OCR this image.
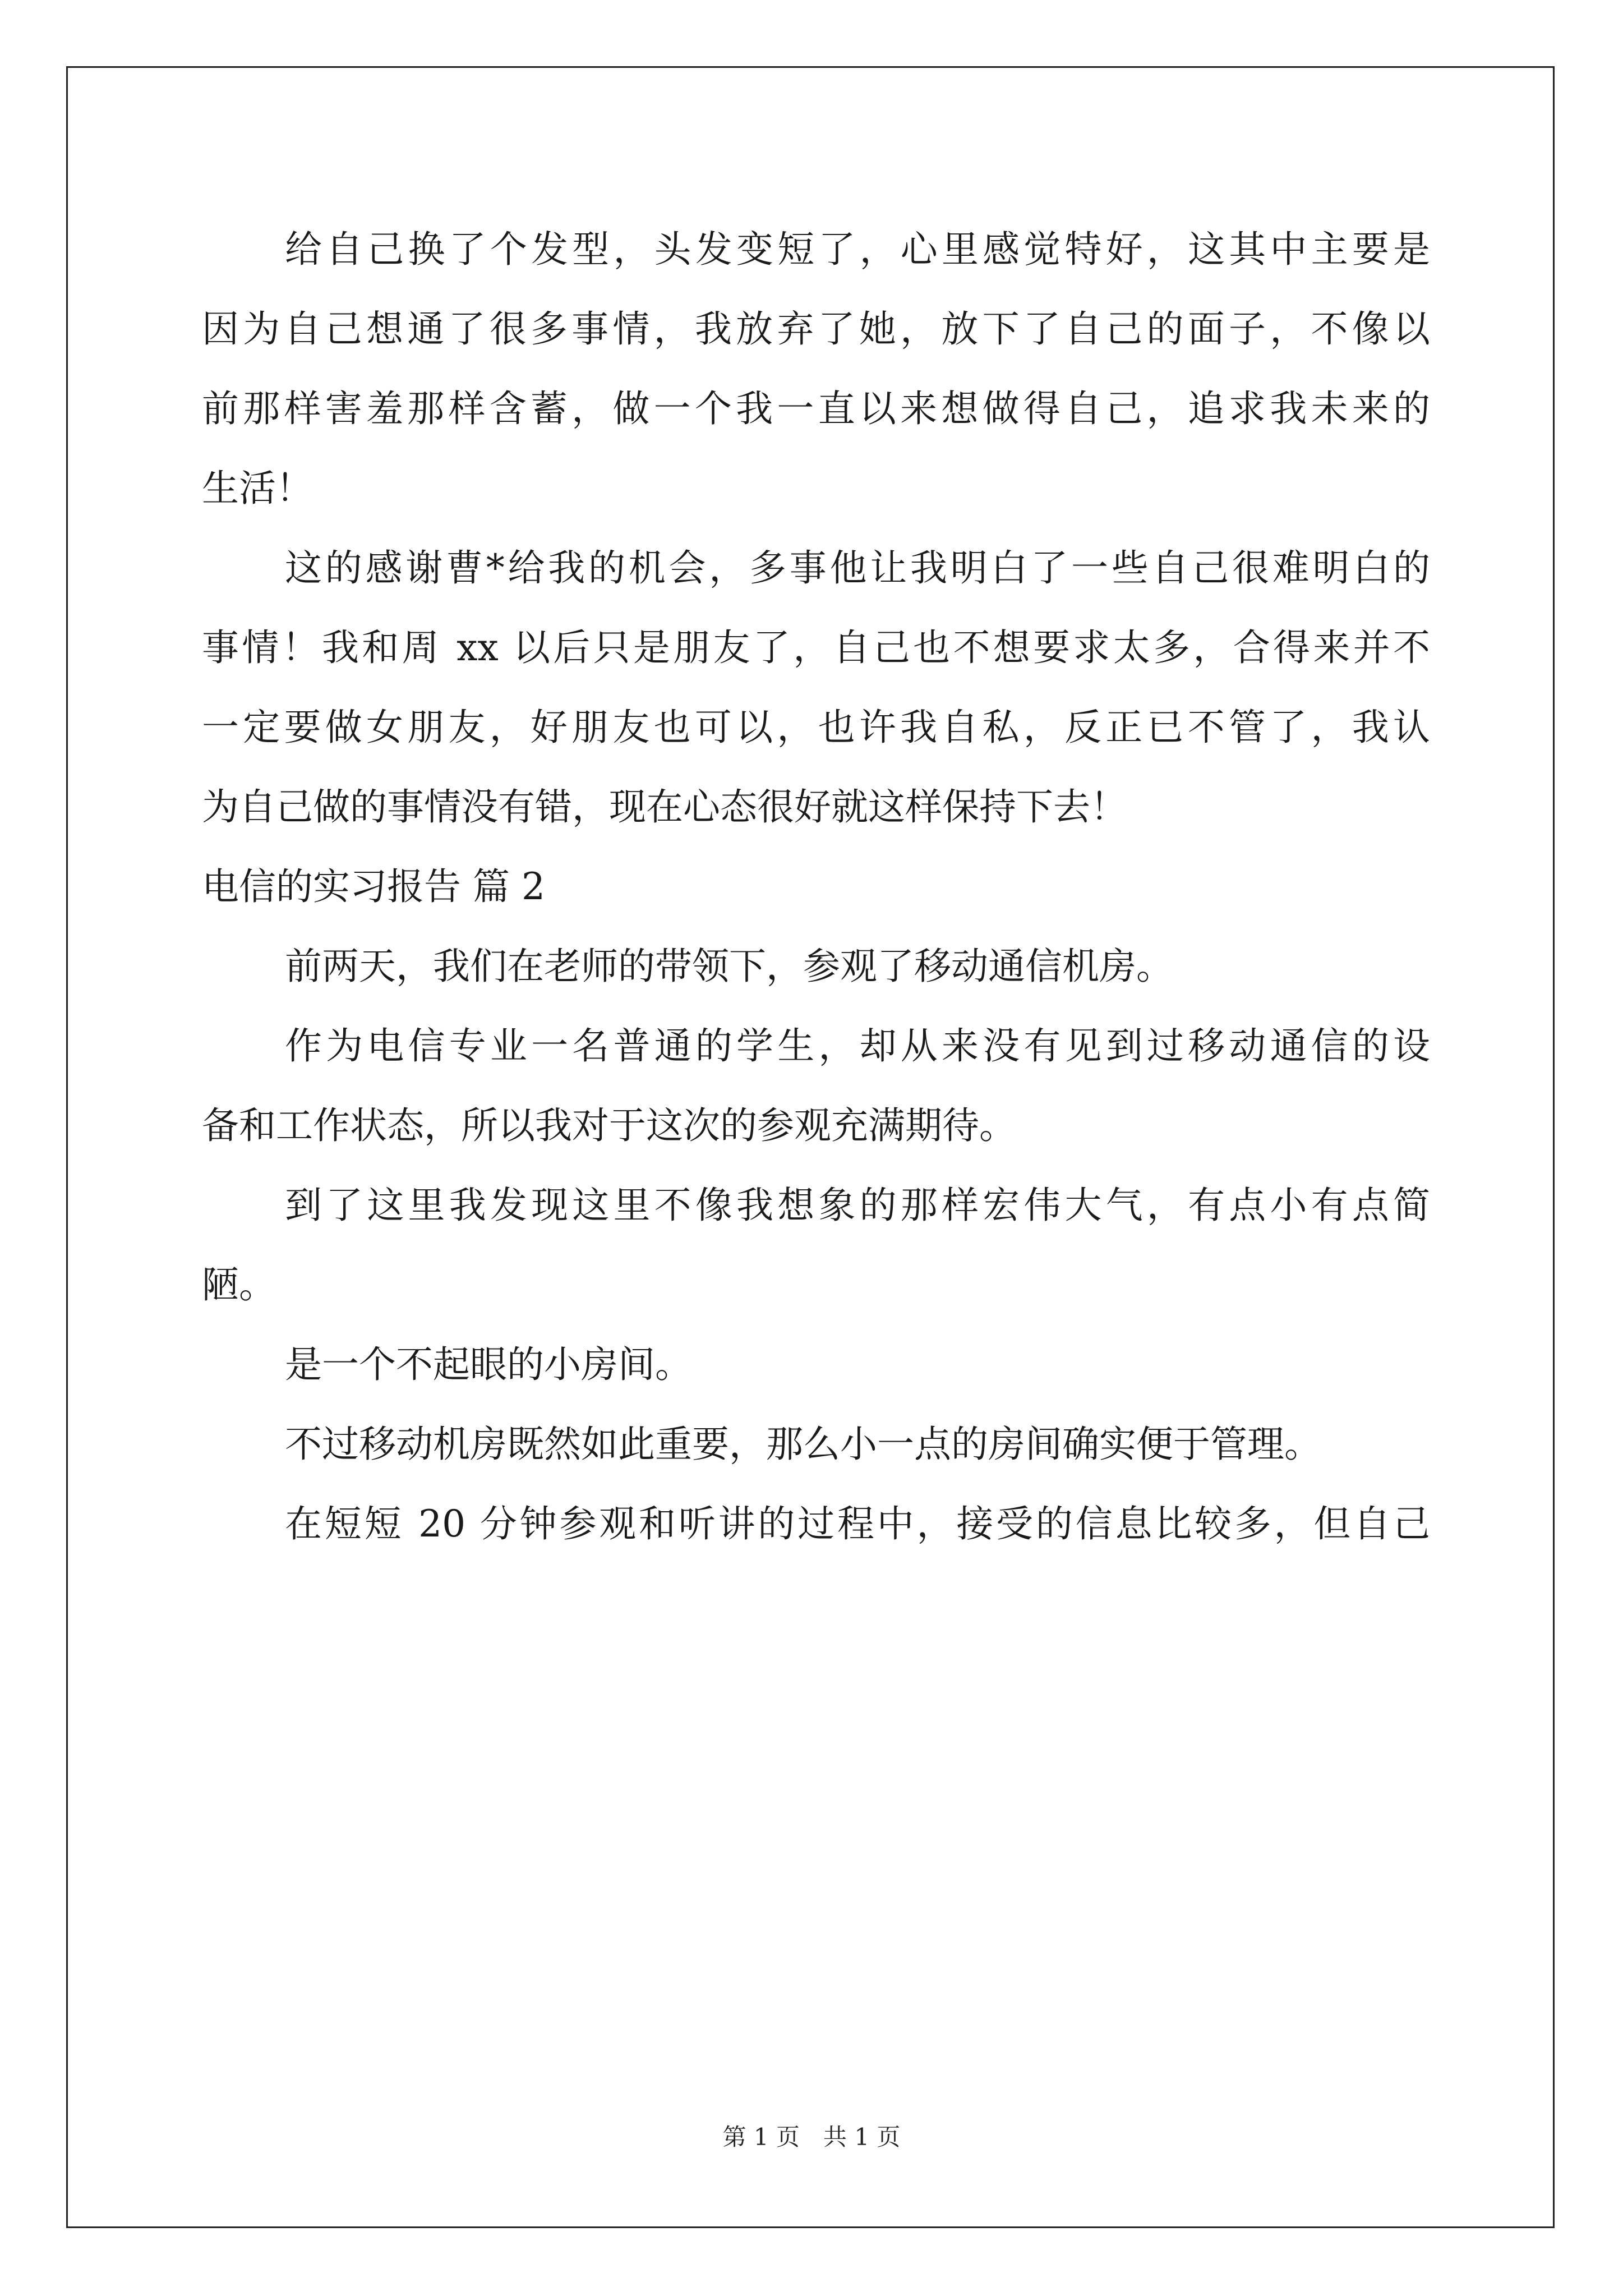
给自己换了个发型，头发变短了，心里感觉特好，这其中主要是
因为自己想通了很多事情，我放弃了她，放下了自己的面子，不像以
前那样害羞那样含蓄，做一个我一直以来想做得自己，追求我未来的
生活！
这的感谢曹*给我的机会，多事他让我明白了一些自己很难明白的
事情！我和周 xx 以后只是朋友了，自己也不想要求太多，合得来并不
一定要做女朋友，好朋友也可以，也许我自私，反正已不管了，我认
为自己做的事情没有错，现在心态很好就这样保持下去！
电信的实习报告 篇 2
前两天，我们在老师的带领下，参观了移动通信机房。
作为电信专业一名普通的学生，却从来没有见到过移动通信的设
备和工作状态，所以我对于这次的参观充满期待。
到了这里我发现这里不像我想象的那样宏伟大气，有点小有点简
陋。
是一个不起眼的小房间。
不过移动机房既然如此重要，那么小一点的房间确实便于管理。
在短短 20 分钟参观和听讲的过程中，接受的信息比较多，但自己
第 1 页　共 1 页
